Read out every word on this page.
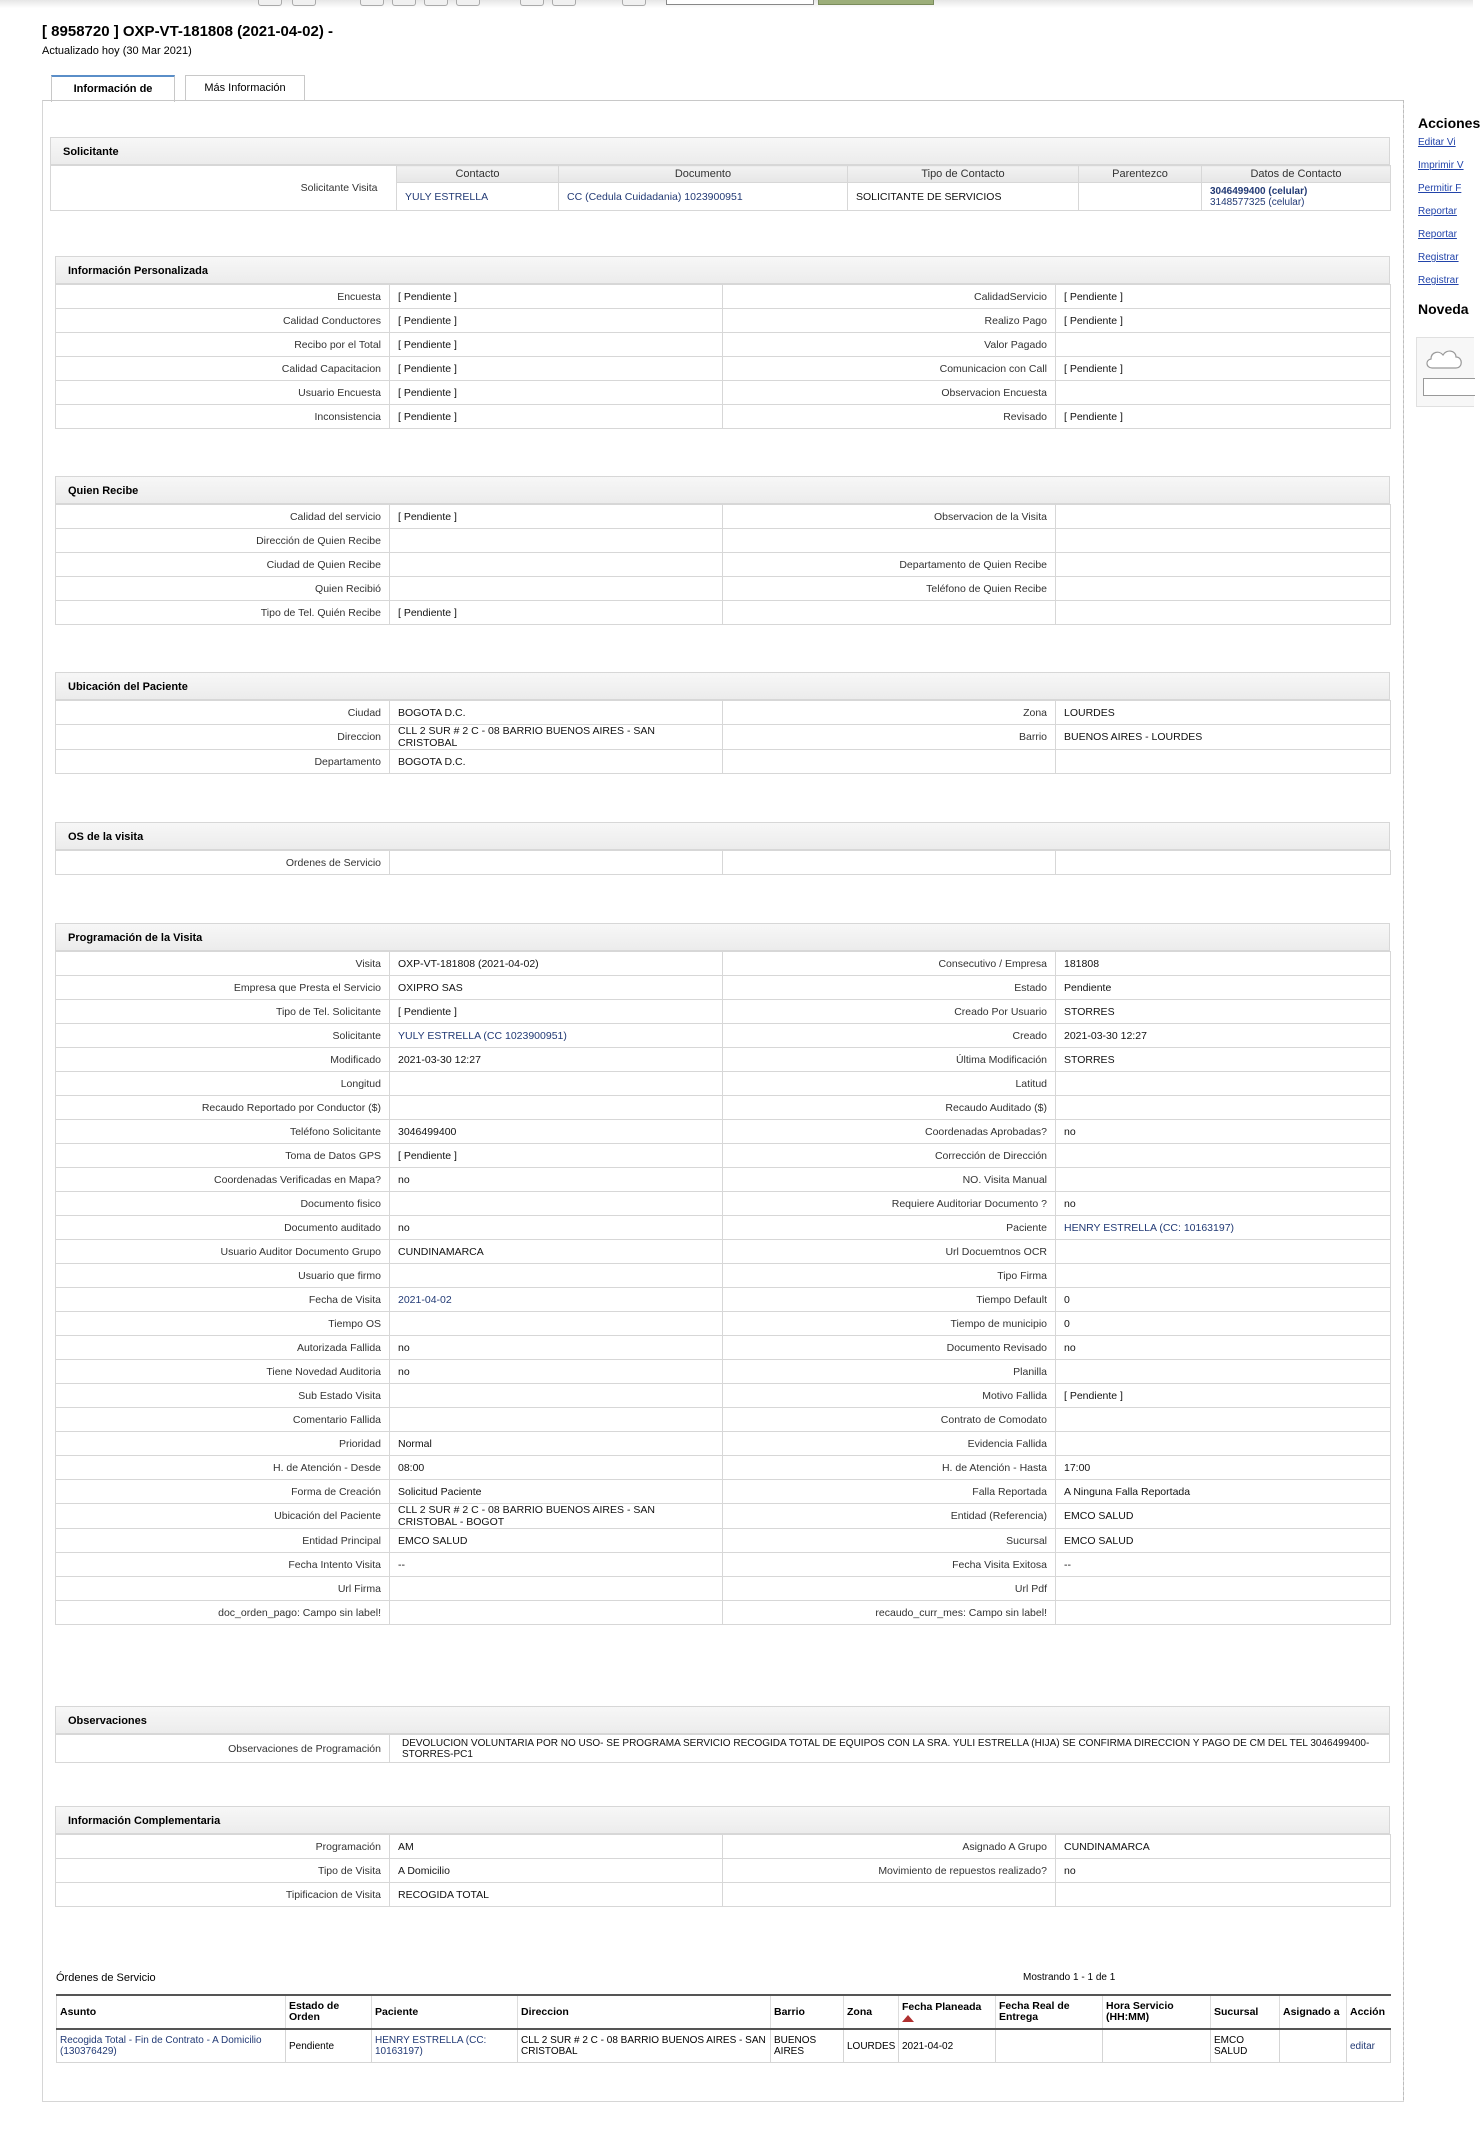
[ 8958720 ] OXP-VT-181808 (2021-04-02) -
Actualizado hoy (30 Mar 2021)
Información de	Más Información
Solicitante
Solicitante Visita		Contacto	Documento	Tipo de Contacto	Parentezco	Datos de Contacto
		YULY ESTRELLA	CC (Cedula Cuidadania) 1023900951	SOLICITANTE DE SERVICIOS		3046499400 (celular)
3148577325 (celular)
Información Personalizada
Encuesta	[ Pendiente ]	CalidadServicio	[ Pendiente ]
Calidad Conductores	[ Pendiente ]	Realizo Pago	[ Pendiente ]
Recibo por el Total	[ Pendiente ]	Valor Pagado	
Calidad Capacitacion	[ Pendiente ]	Comunicacion con Call	[ Pendiente ]
Usuario Encuesta	[ Pendiente ]	Observacion Encuesta	
Inconsistencia	[ Pendiente ]	Revisado	[ Pendiente ]
Quien Recibe
Calidad del servicio	[ Pendiente ]	Observacion de la Visita	
Dirección de Quien Recibe			
Ciudad de Quien Recibe		Departamento de Quien Recibe	
Quien Recibió		Teléfono de Quien Recibe	
Tipo de Tel. Quién Recibe	[ Pendiente ]		
Ubicación del Paciente
Ciudad	BOGOTA D.C.	Zona	LOURDES
Direccion	CLL 2 SUR # 2 C - 08 BARRIO BUENOS AIRES - SAN CRISTOBAL	Barrio	BUENOS AIRES - LOURDES
Departamento	BOGOTA D.C.		
OS de la visita
Ordenes de Servicio			
Programación de la Visita
Visita	OXP-VT-181808 (2021-04-02)	Consecutivo / Empresa	181808
Empresa que Presta el Servicio	OXIPRO SAS	Estado	Pendiente
Tipo de Tel. Solicitante	[ Pendiente ]	Creado Por Usuario	STORRES
Solicitante	YULY ESTRELLA (CC 1023900951)	Creado	2021-03-30 12:27
Modificado	2021-03-30 12:27	Última Modificación	STORRES
Longitud		Latitud	
Recaudo Reportado por Conductor ($)		Recaudo Auditado ($)	
Teléfono Solicitante	3046499400	Coordenadas Aprobadas?	no
Toma de Datos GPS	[ Pendiente ]	Corrección de Dirección	
Coordenadas Verificadas en Mapa?	no	NO. Visita Manual	
Documento fisico		Requiere Auditoriar Documento ?	no
Documento auditado	no	Paciente	HENRY ESTRELLA (CC: 10163197)
Usuario Auditor Documento Grupo	CUNDINAMARCA	Url Docuemtnos OCR	
Usuario que firmo		Tipo Firma	
Fecha de Visita	2021-04-02	Tiempo Default	0
Tiempo OS		Tiempo de municipio	0
Autorizada Fallida	no	Documento Revisado	no
Tiene Novedad Auditoria	no	Planilla	
Sub Estado Visita		Motivo Fallida	[ Pendiente ]
Comentario Fallida		Contrato de Comodato	
Prioridad	Normal	Evidencia Fallida	
H. de Atención - Desde	08:00	H. de Atención - Hasta	17:00
Forma de Creación	Solicitud Paciente	Falla Reportada	A Ninguna Falla Reportada
Ubicación del Paciente	CLL 2 SUR # 2 C - 08 BARRIO BUENOS AIRES - SAN CRISTOBAL - BOGOT	Entidad (Referencia)	EMCO SALUD
Entidad Principal	EMCO SALUD	Sucursal	EMCO SALUD
Fecha Intento Visita	--	Fecha Visita Exitosa	--
Url Firma		Url Pdf	
doc_orden_pago: Campo sin label!		recaudo_curr_mes: Campo sin label!	
Observaciones
Observaciones de Programación	DEVOLUCION VOLUNTARIA POR NO USO- SE PROGRAMA SERVICIO RECOGIDA TOTAL DE EQUIPOS CON LA SRA. YULI ESTRELLA (HIJA) SE CONFIRMA DIRECCION Y PAGO DE CM DEL TEL 3046499400-STORRES-PC1
Información Complementaria
Programación	AM	Asignado A Grupo	CUNDINAMARCA
Tipo de Visita	A Domicilio	Movimiento de repuestos realizado?	no
Tipificacion de Visita	RECOGIDA TOTAL		
Órdenes de Servicio	Mostrando 1 - 1 de 1
Asunto	Estado de Orden	Paciente	Direccion	Barrio	Zona	Fecha Planeada	Fecha Real de Entrega	Hora Servicio (HH:MM)	Sucursal	Asignado a	Acción
Recogida Total - Fin de Contrato - A Domicilio (130376429)	Pendiente	HENRY ESTRELLA (CC: 10163197)	CLL 2 SUR # 2 C - 08 BARRIO BUENOS AIRES - SAN CRISTOBAL	BUENOS AIRES	LOURDES	2021-04-02			EMCO SALUD		editar
Acciones
Editar Vi
Imprimir V
Permitir F
Reportar
Reportar
Registrar
Registrar
Noveda
